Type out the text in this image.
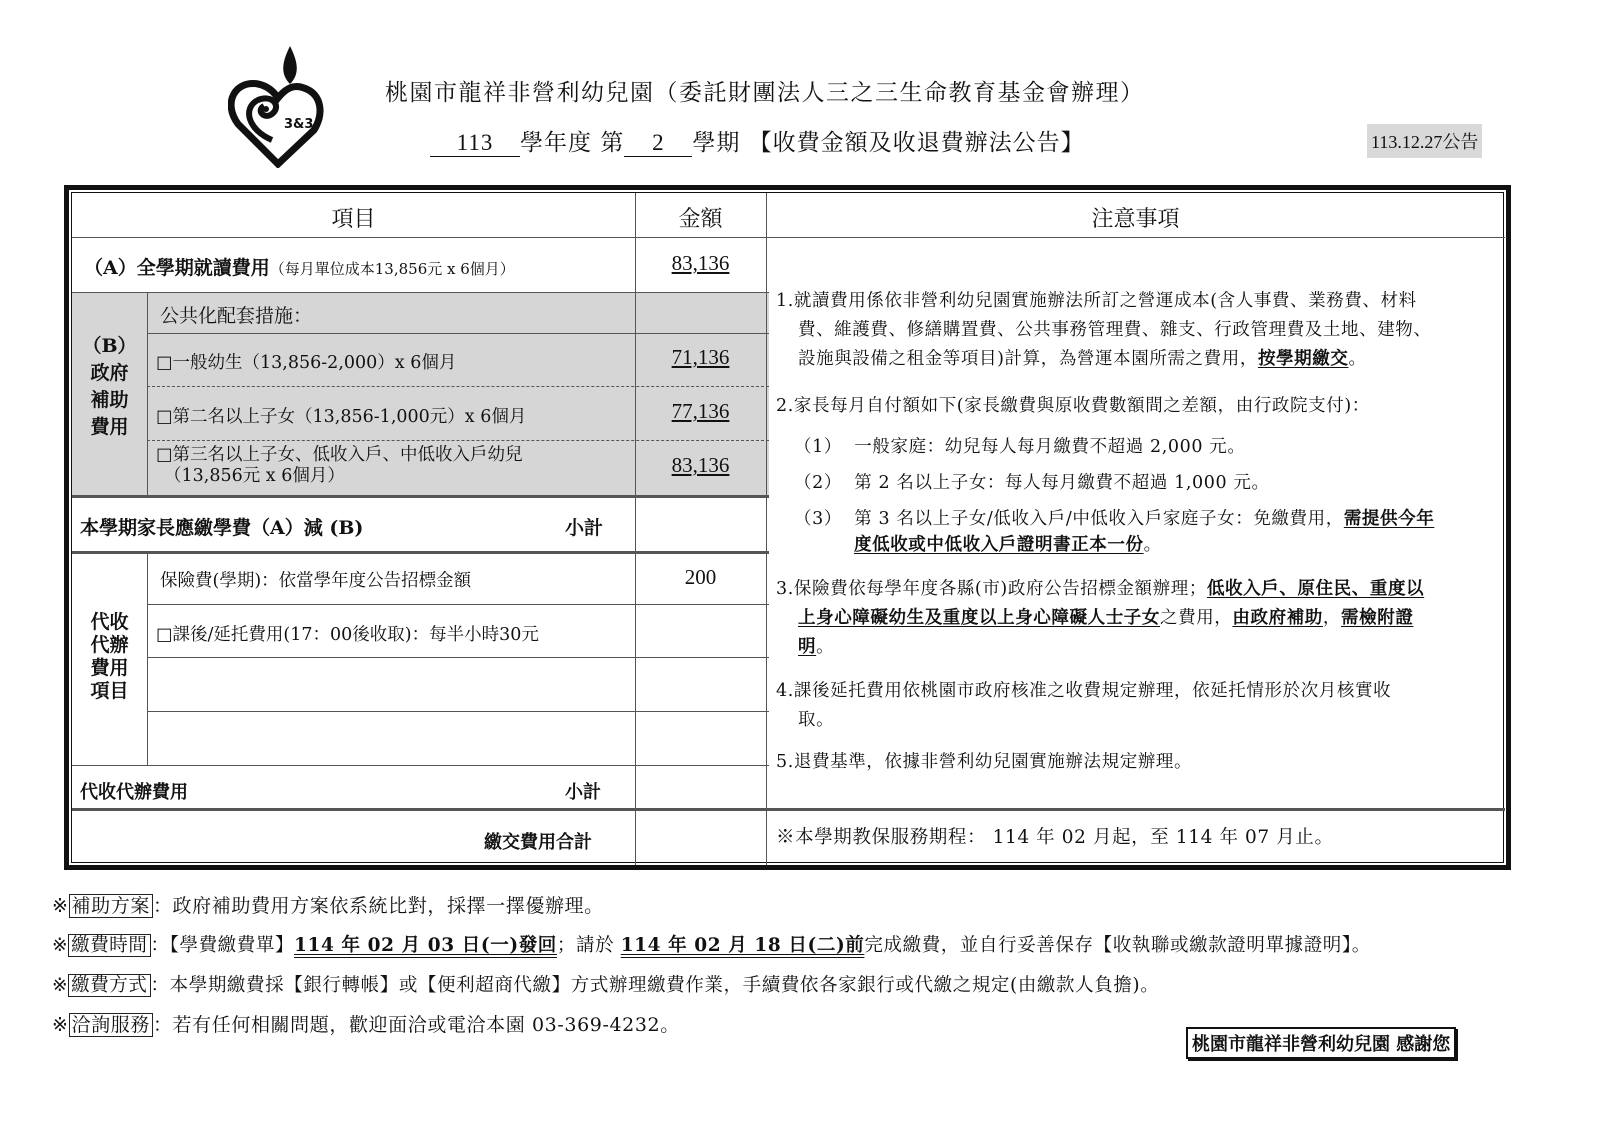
3&3
桃園市龍祥非營利幼兒園（委託財團法人三之三生命教育基金會辦理）
113 學年度 第 2 學期 【收費金額及收退費辦法公告】	113.12.27公告
項目	金額	注意事項
（A）全學期就讀費用（每月單位成本13,856元 x 6個月）	83,136
（B）
政府
補助
費用
公共化配套措施：
□一般幼生（13,856-2,000）x 6個月	71,136
□第二名以上子女（13,856-1,000元）x 6個月	77,136
□第三名以上子女、低收入戶、中低收入戶幼兒
（13,856元 x 6個月）	83,136
本學期家長應繳學費（A）減 (B)	小計
代收
代辦
費用
項目
保險費(學期)：依當學年度公告招標金額	200
□課後/延托費用(17：00後收取)：每半小時30元
代收代辦費用	小計
繳交費用合計
1.就讀費用係依非營利幼兒園實施辦法所訂之營運成本(含人事費、業務費、材料
費、維護費、修繕購置費、公共事務管理費、雜支、行政管理費及土地、建物、
設施與設備之租金等項目)計算，為營運本園所需之費用，按學期繳交。
2.家長每月自付額如下(家長繳費與原收費數額間之差額，由行政院支付)：
（1） 一般家庭：幼兒每人每月繳費不超過 2,000 元。
（2） 第 2 名以上子女：每人每月繳費不超過 1,000 元。
（3） 第 3 名以上子女/低收入戶/中低收入戶家庭子女：免繳費用，需提供今年
度低收或中低收入戶證明書正本一份。
3.保險費依每學年度各縣(市)政府公告招標金額辦理；低收入戶、原住民、重度以
上身心障礙幼生及重度以上身心障礙人士子女之費用，由政府補助，需檢附證
明。
4.課後延托費用依桃園市政府核准之收費規定辦理，依延托情形於次月核實收
取。
5.退費基準，依據非營利幼兒園實施辦法規定辦理。
※本學期教保服務期程： 114 年 02 月起，至 114 年 07 月止。
※ 補助方案 ：政府補助費用方案依系統比對，採擇一擇優辦理。
※ 繳費時間 ：【學費繳費單】114 年 02 月 03 日(一)發回；請於 114 年 02 月 18 日(二)前完成繳費，並自行妥善保存【收執聯或繳款證明單據證明】。
※ 繳費方式 ：本學期繳費採【銀行轉帳】或【便利超商代繳】方式辦理繳費作業，手續費依各家銀行或代繳之規定(由繳款人負擔)。
※ 洽詢服務 ：若有任何相關問題，歡迎面洽或電洽本園 03-369-4232。
桃園市龍祥非營利幼兒園 感謝您
